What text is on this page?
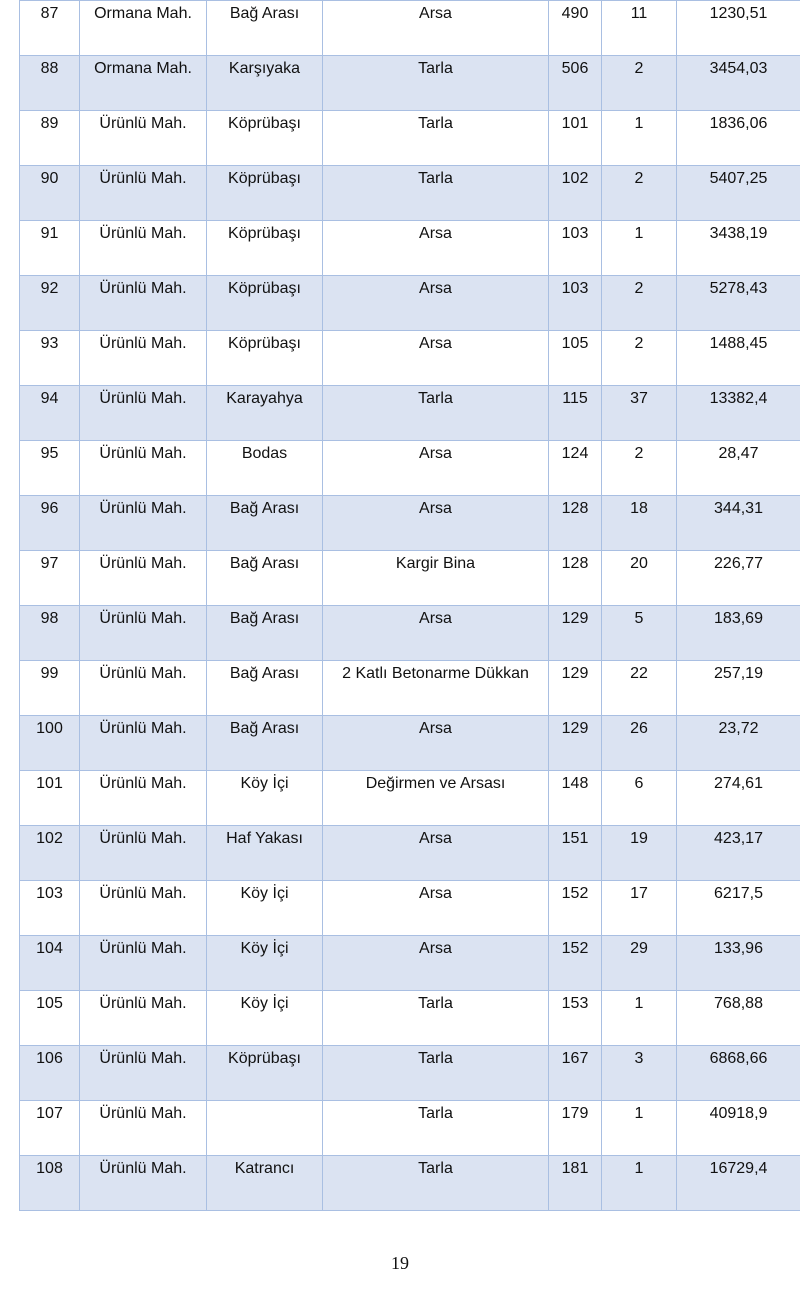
87	Ormana Mah.	Bağ Arası	Arsa	490	11	1230,51
88	Ormana Mah.	Karşıyaka	Tarla	506	2	3454,03
89	Ürünlü Mah.	Köprübaşı	Tarla	101	1	1836,06
90	Ürünlü Mah.	Köprübaşı	Tarla	102	2	5407,25
91	Ürünlü Mah.	Köprübaşı	Arsa	103	1	3438,19
92	Ürünlü Mah.	Köprübaşı	Arsa	103	2	5278,43
93	Ürünlü Mah.	Köprübaşı	Arsa	105	2	1488,45
94	Ürünlü Mah.	Karayahya	Tarla	115	37	13382,4
95	Ürünlü Mah.	Bodas	Arsa	124	2	28,47
96	Ürünlü Mah.	Bağ Arası	Arsa	128	18	344,31
97	Ürünlü Mah.	Bağ Arası	Kargir Bina	128	20	226,77
98	Ürünlü Mah.	Bağ Arası	Arsa	129	5	183,69
99	Ürünlü Mah.	Bağ Arası	2 Katlı Betonarme Dükkan	129	22	257,19
100	Ürünlü Mah.	Bağ Arası	Arsa	129	26	23,72
101	Ürünlü Mah.	Köy İçi	Değirmen ve Arsası	148	6	274,61
102	Ürünlü Mah.	Haf Yakası	Arsa	151	19	423,17
103	Ürünlü Mah.	Köy İçi	Arsa	152	17	6217,5
104	Ürünlü Mah.	Köy İçi	Arsa	152	29	133,96
105	Ürünlü Mah.	Köy İçi	Tarla	153	1	768,88
106	Ürünlü Mah.	Köprübaşı	Tarla	167	3	6868,66
107	Ürünlü Mah.		Tarla	179	1	40918,9
108	Ürünlü Mah.	Katrancı	Tarla	181	1	16729,4
19
